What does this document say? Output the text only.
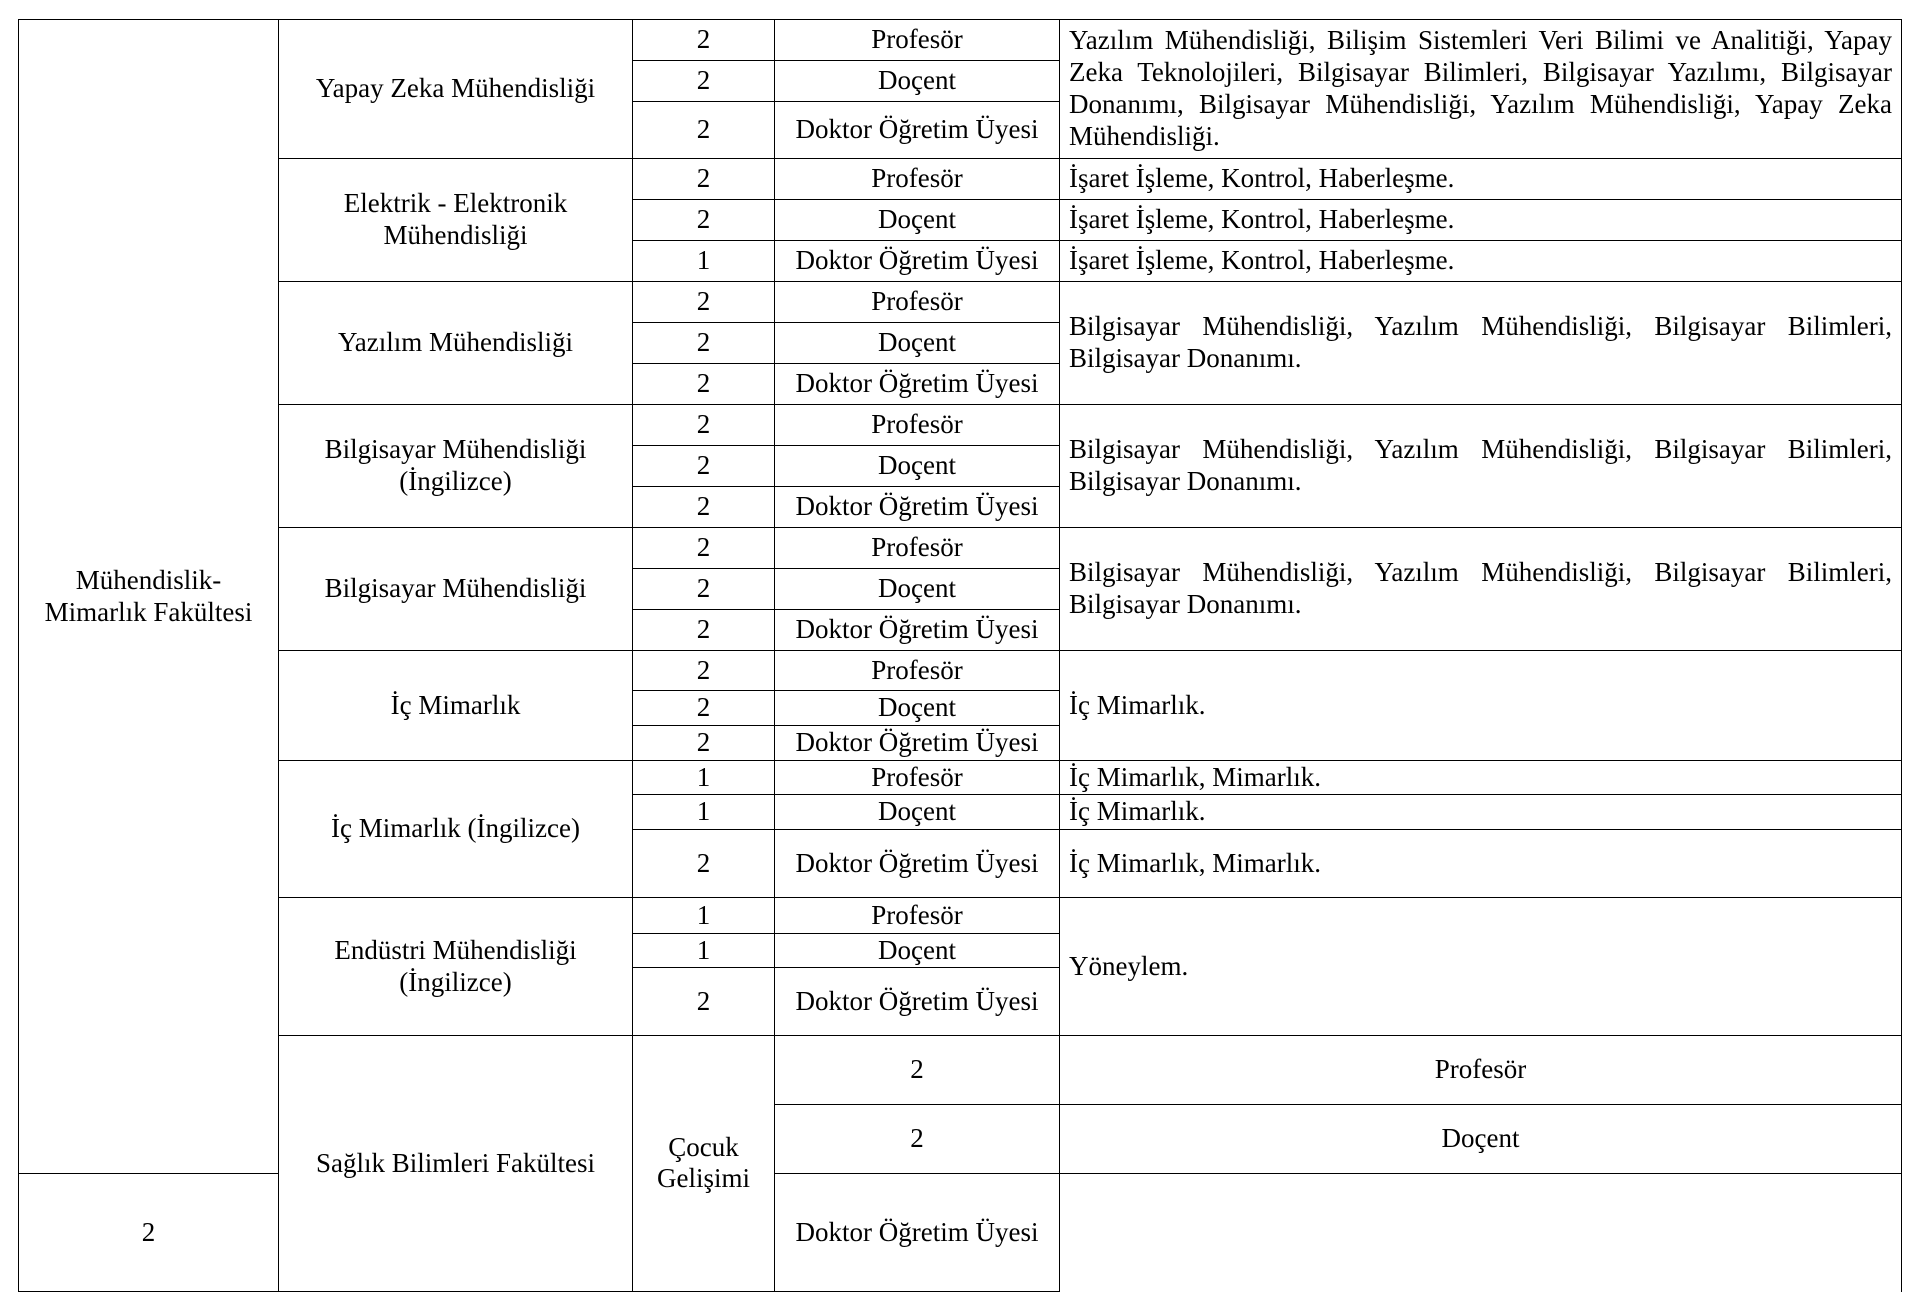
Mühendislik-Mimarlık Fakültesi	Yapay Zeka Mühendisliği	2	Profesör	Yazılım Mühendisliği, Bilişim Sistemleri Veri Bilimi ve Analitiği, Yapay Zeka Teknolojileri, Bilgisayar Bilimleri, Bilgisayar Yazılımı, Bilgisayar Donanımı, Bilgisayar Mühendisliği, Yazılım Mühendisliği, Yapay Zeka Mühendisliği.	
		2	Doçent		
		2	Doktor Öğretim Üyesi		
	Elektrik - Elektronik Mühendisliği	2	Profesör	İşaret İşleme, Kontrol, Haberleşme.	
		2	Doçent	İşaret İşleme, Kontrol, Haberleşme.	
		1	Doktor Öğretim Üyesi	İşaret İşleme, Kontrol, Haberleşme.	
	Yazılım Mühendisliği	2	Profesör	Bilgisayar Mühendisliği, Yazılım Mühendisliği, Bilgisayar Bilimleri, Bilgisayar Donanımı.	
		2	Doçent		
		2	Doktor Öğretim Üyesi		
	Bilgisayar Mühendisliği (İngilizce)	2	Profesör	Bilgisayar Mühendisliği, Yazılım Mühendisliği, Bilgisayar Bilimleri, Bilgisayar Donanımı.	
		2	Doçent		
		2	Doktor Öğretim Üyesi		
	Bilgisayar Mühendisliği	2	Profesör	Bilgisayar Mühendisliği, Yazılım Mühendisliği, Bilgisayar Bilimleri, Bilgisayar Donanımı.	
		2	Doçent		
		2	Doktor Öğretim Üyesi		
	İç Mimarlık	2	Profesör	İç Mimarlık.	
		2	Doçent		
		2	Doktor Öğretim Üyesi		
	İç Mimarlık (İngilizce)	1	Profesör	İç Mimarlık, Mimarlık.	
		1	Doçent	İç Mimarlık.	
		2	Doktor Öğretim Üyesi	İç Mimarlık, Mimarlık.	
	Endüstri Mühendisliği (İngilizce)	1	Profesör	Yöneylem.	
		1	Doçent		
		2	Doktor Öğretim Üyesi		
	Sağlık Bilimleri Fakültesi	Çocuk Gelişimi	2	Profesör	
			2	Doçent	
2			Doktor Öğretim Üyesi		
